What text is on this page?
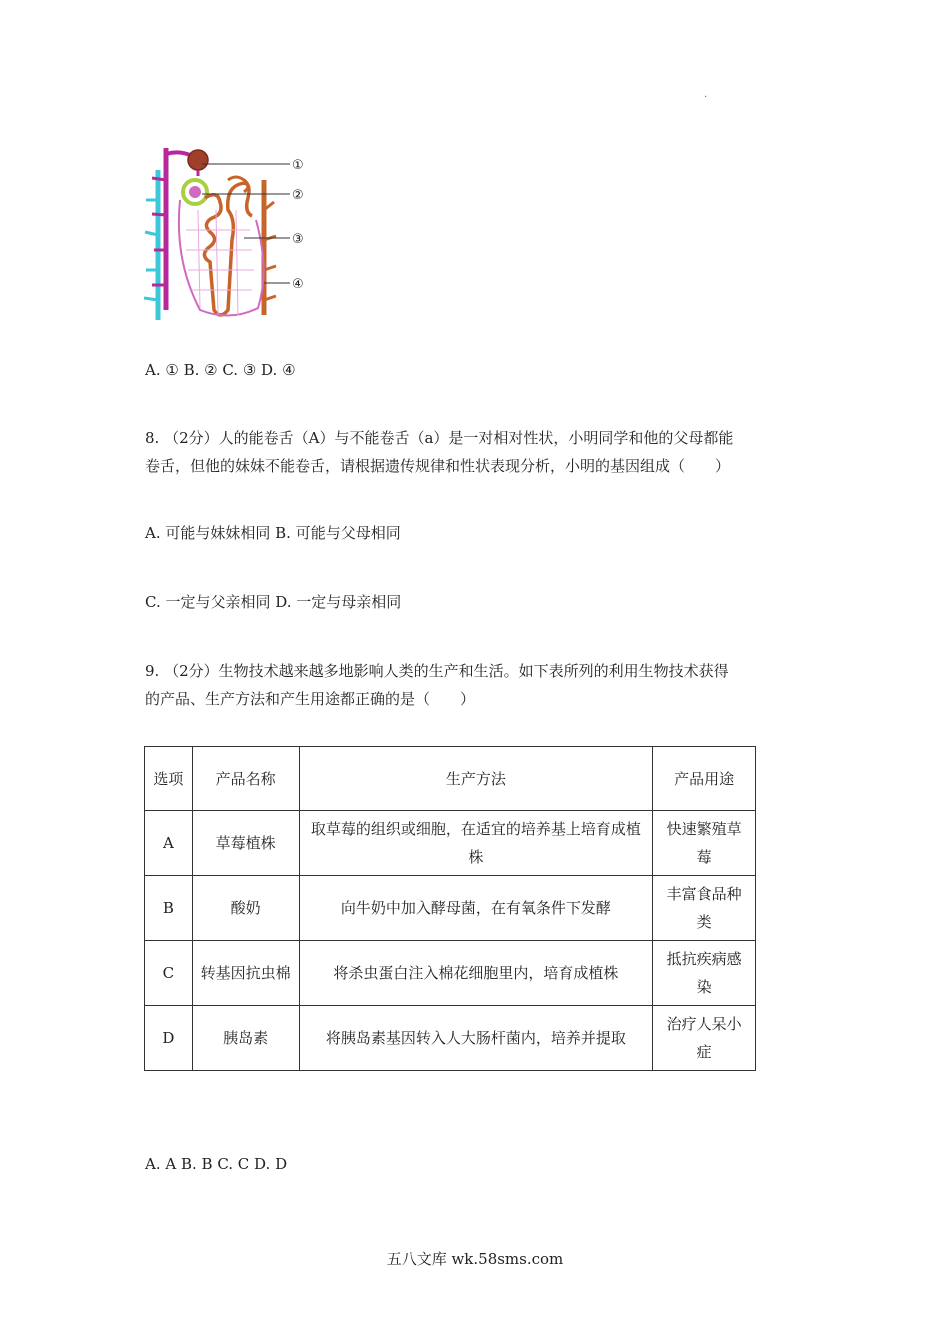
·
①
②
③
④
A. ① B. ② C. ③ D. ④
8. （2分）人的能卷舌（A）与不能卷舌（a）是一对相对性状，小明同学和他的父母都能
卷舌，但他的妹妹不能卷舌，请根据遗传规律和性状表现分析，小明的基因组成（　　）
A. 可能与妹妹相同 B. 可能与父母相同
C. 一定与父亲相同 D. 一定与母亲相同
9. （2分）生物技术越来越多地影响人类的生产和生活。如下表所列的利用生物技术获得
的产品、生产方法和产生用途都正确的是（　　）
选项	产品名称	生产方法	产品用途
A	草莓植株	取草莓的组织或细胞，在适宜的培养基上培育成植株	快速繁殖草莓
B	酸奶	向牛奶中加入酵母菌，在有氧条件下发酵	丰富食品种类
C	转基因抗虫棉	将杀虫蛋白注入棉花细胞里内，培育成植株	抵抗疾病感染
D	胰岛素	将胰岛素基因转入人大肠杆菌内，培养并提取	治疗人呆小症
A. A B. B C. C D. D
五八文库 wk.58sms.com
